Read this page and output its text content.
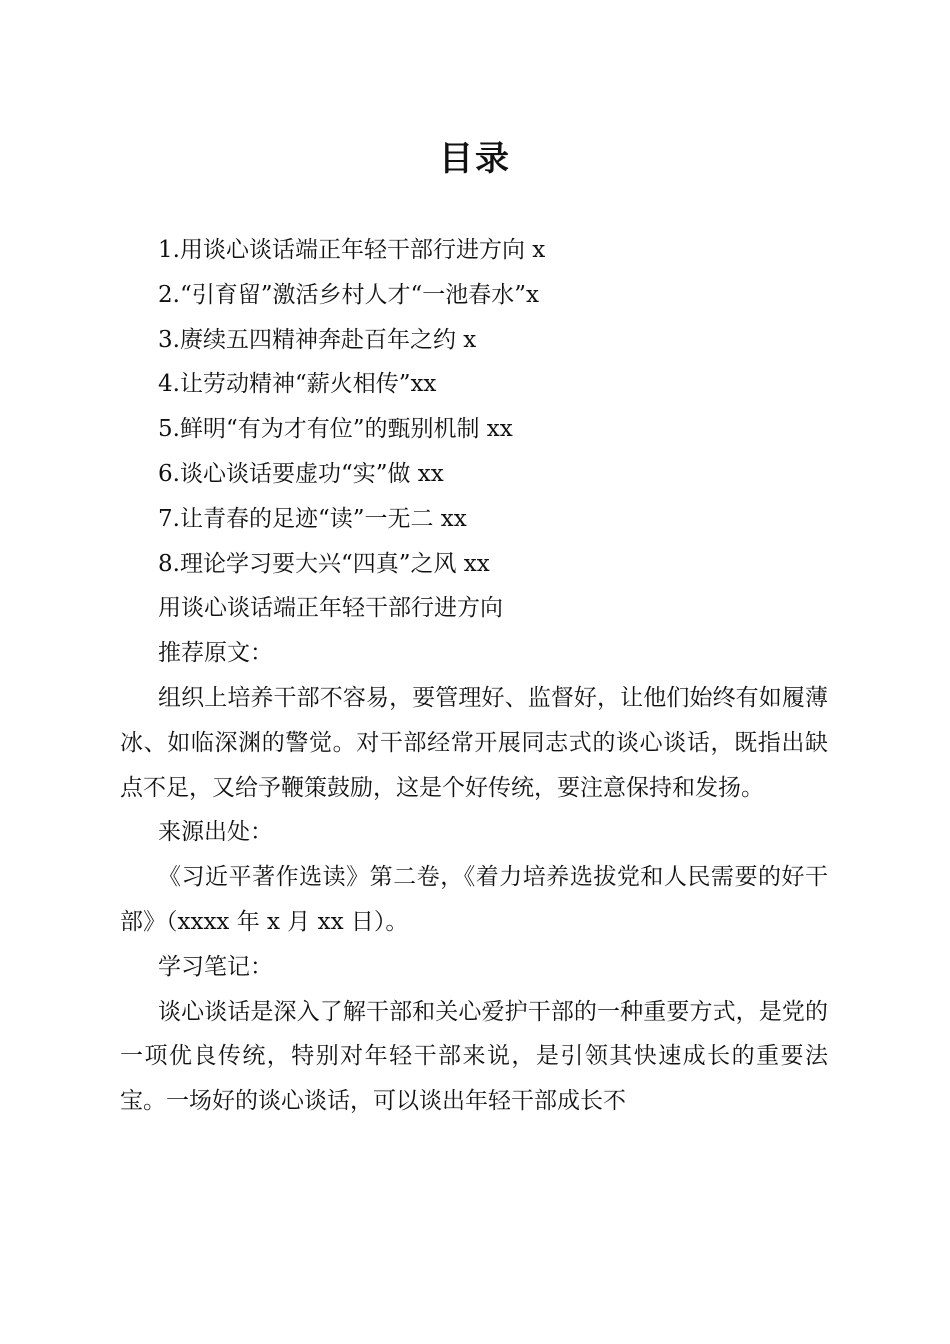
目录
1.用谈心谈话端正年轻干部行进方向 x
2.“引育留”激活乡村人才“一池春水”x
3.赓续五四精神奔赴百年之约 x
4.让劳动精神“薪火相传”xx
5.鲜明“有为才有位”的甄别机制 xx
6.谈心谈话要虚功“实”做 xx
7.让青春的足迹“读”一无二 xx
8.理论学习要大兴“四真”之风 xx
用谈心谈话端正年轻干部行进方向
推荐原文：

组织上培养干部不容易，要管理好、监督好，让他们始终有如履薄冰、如临深渊的警觉。对干部经常开展同志式的谈心谈话，既指出缺点不足，又给予鞭策鼓励，这是个好传统，要注意保持和发扬。

来源出处：

《习近平著作选读》第二卷，《着力培养选拔党和人民需要的好干部》（xxxx 年 x 月 xx 日）。

学习笔记：

谈心谈话是深入了解干部和关心爱护干部的一种重要方式，是党的一项优良传统，特别对年轻干部来说，是引领其快速成长的重要法宝。一场好的谈心谈话，可以谈出年轻干部成长不
